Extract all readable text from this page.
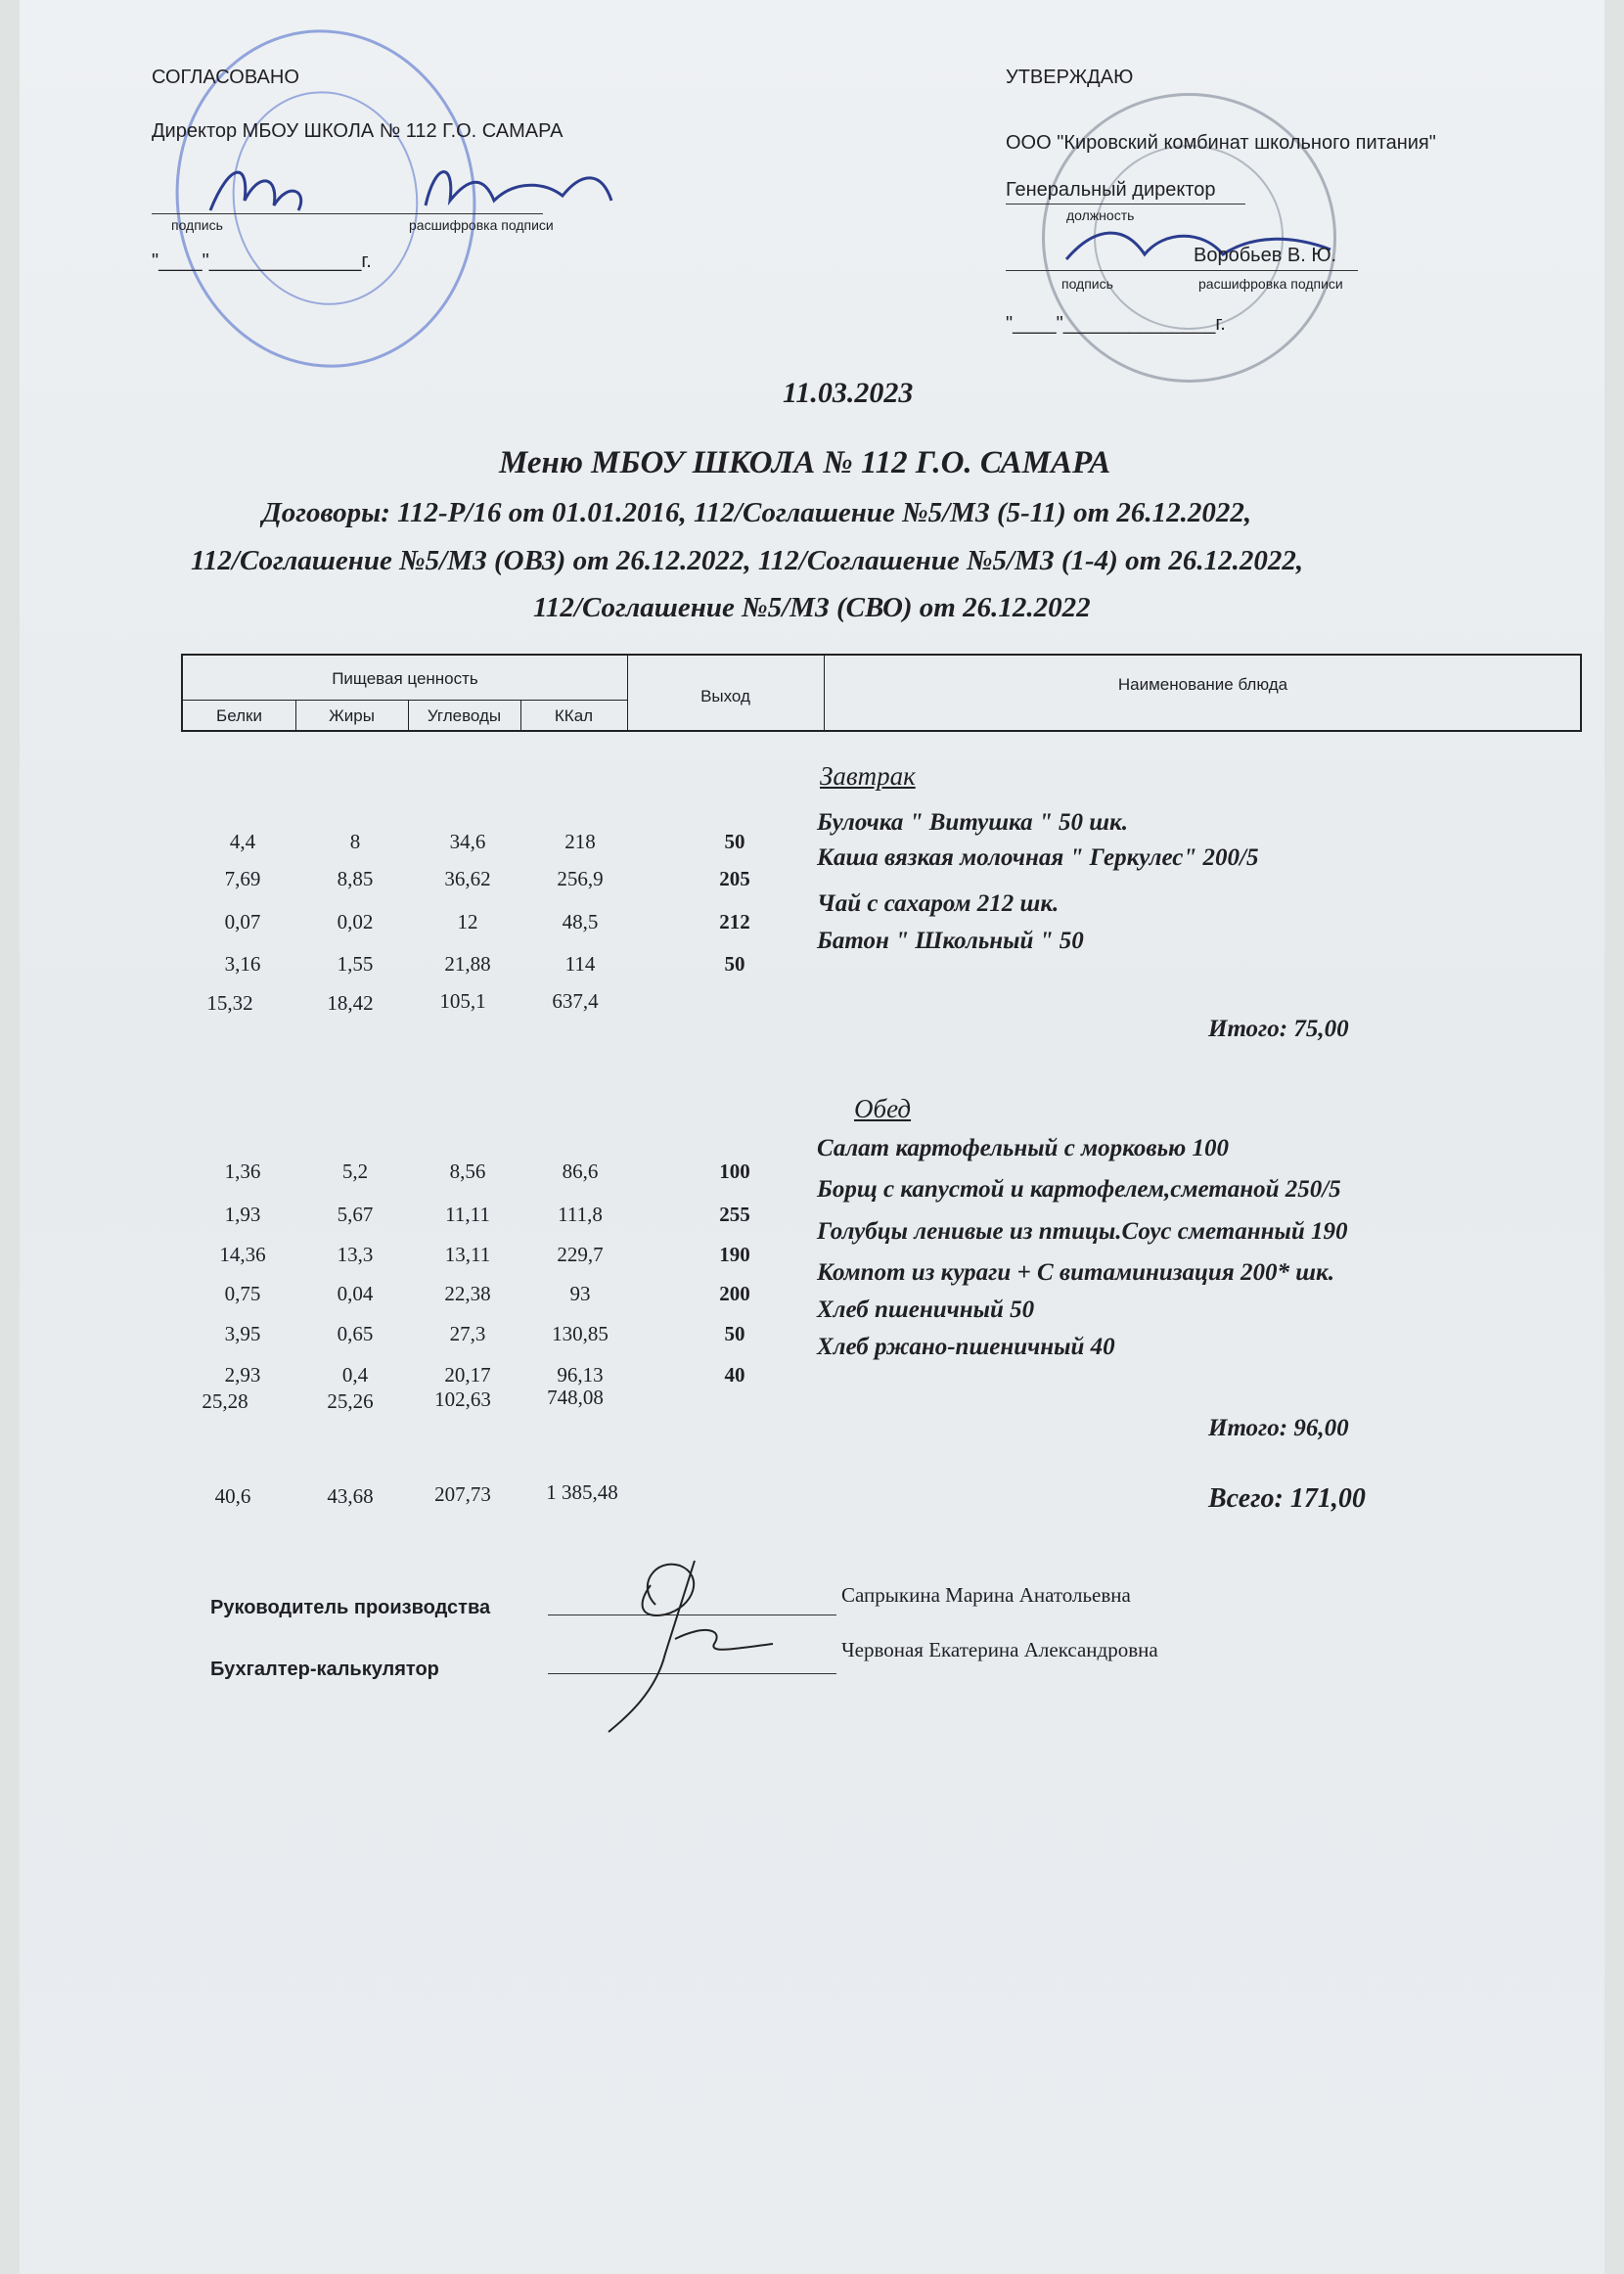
СОГЛАСОВАНО
Директор МБОУ ШКОЛА № 112 Г.О. САМАРА
подпись	расшифровка подписи
"____"______________г.
УТВЕРЖДАЮ
ООО "Кировский комбинат школьного питания"
Генеральный директор
должность
Воробьев В. Ю.
подпись	расшифровка подписи
"____"______________г.
11.03.2023
Меню МБОУ ШКОЛА № 112 Г.О. САМАРА
Договоры: 112-Р/16 от 01.01.2016, 112/Соглашение №5/МЗ (5-11) от 26.12.2022,
112/Соглашение №5/МЗ (ОВЗ) от 26.12.2022, 112/Соглашение №5/МЗ (1-4) от 26.12.2022,
112/Соглашение №5/МЗ (СВО) от 26.12.2022
Пищевая ценность
Белки	Жиры	Углеводы	ККал
Выход
Наименование блюда
Завтрак
4,4	8	34,6	218	50
Булочка " Витушка " 50 шк.
7,69	8,85	36,62	256,9	205
Каша вязкая молочная " Геркулес" 200/5
0,07	0,02	12	48,5	212
Чай с сахаром 212 шк.
3,16	1,55	21,88	114	50
Батон " Школьный " 50
15,32	18,42	105,1	637,4
Итого: 75,00
Обед
1,36	5,2	8,56	86,6	100
Салат картофельный с морковью 100
1,93	5,67	11,11	111,8	255
Борщ с капустой и картофелем,сметаной 250/5
14,36	13,3	13,11	229,7	190
Голубцы ленивые из птицы.Соус сметанный 190
0,75	0,04	22,38	93	200
Компот из кураги + С витаминизация 200* шк.
3,95	0,65	27,3	130,85	50
Хлеб пшеничный 50
2,93	0,4	20,17	96,13	40
Хлеб ржано-пшеничный 40
25,28	25,26	102,63	748,08
Итого: 96,00
40,6	43,68	207,73	1 385,48	Всего: 171,00
Руководитель производства
Сапрыкина Марина Анатольевна
Бухгалтер-калькулятор
Червоная Екатерина Александровна
